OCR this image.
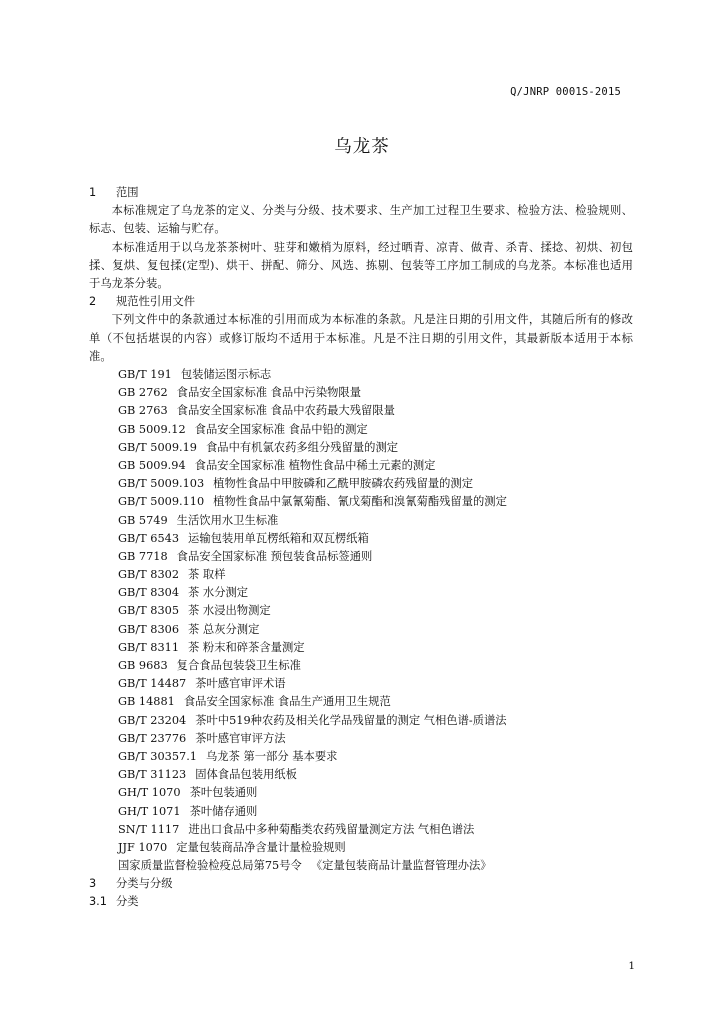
Q/JNRP 0001S-2015
乌龙茶
1 范围

本标准规定了乌龙茶的定义、分类与分级、技术要求、生产加工过程卫生要求、检验方法、检验规则、标志、包装、运输与贮存。

本标准适用于以乌龙茶茶树叶、驻芽和嫩梢为原料，经过晒青、凉青、做青、杀青、揉捻、初烘、初包揉、复烘、复包揉(定型)、烘干、拼配、筛分、风选、拣剔、包装等工序加工制成的乌龙茶。本标准也适用于乌龙茶分装。

2 规范性引用文件

下列文件中的条款通过本标准的引用而成为本标准的条款。凡是注日期的引用文件，其随后所有的修改单（不包括堪误的内容）或修订版均不适用于本标准。凡是不注日期的引用文件，其最新版本适用于本标准。

GB/T 191 包装储运图示标志
GB 2762 食品安全国家标准 食品中污染物限量
GB 2763 食品安全国家标准 食品中农药最大残留限量
GB 5009.12 食品安全国家标准 食品中铅的测定
GB/T 5009.19 食品中有机氯农药多组分残留量的测定
GB 5009.94 食品安全国家标准 植物性食品中稀土元素的测定
GB/T 5009.103 植物性食品中甲胺磷和乙酰甲胺磷农药残留量的测定
GB/T 5009.110 植物性食品中氯氰菊酯、氰戊菊酯和溴氰菊酯残留量的测定
GB 5749 生活饮用水卫生标准
GB/T 6543 运输包装用单瓦楞纸箱和双瓦楞纸箱
GB 7718 食品安全国家标准 预包装食品标签通则
GB/T 8302 茶 取样
GB/T 8304 茶 水分测定
GB/T 8305 茶 水浸出物测定
GB/T 8306 茶 总灰分测定
GB/T 8311 茶 粉末和碎茶含量测定
GB 9683 复合食品包装袋卫生标准
GB/T 14487 茶叶感官审评术语
GB 14881 食品安全国家标准 食品生产通用卫生规范
GB/T 23204 茶叶中519种农药及相关化学品残留量的测定 气相色谱-质谱法
GB/T 23776 茶叶感官审评方法
GB/T 30357.1 乌龙茶 第一部分 基本要求
GB/T 31123 固体食品包装用纸板
GH/T 1070 茶叶包装通则
GH/T 1071 茶叶储存通则
SN/T 1117 进出口食品中多种菊酯类农药残留量测定方法 气相色谱法
JJF 1070 定量包装商品净含量计量检验规则
国家质量监督检验检疫总局第75号令 《定量包装商品计量监督管理办法》
3 分类与分级
3.1 分类
1
